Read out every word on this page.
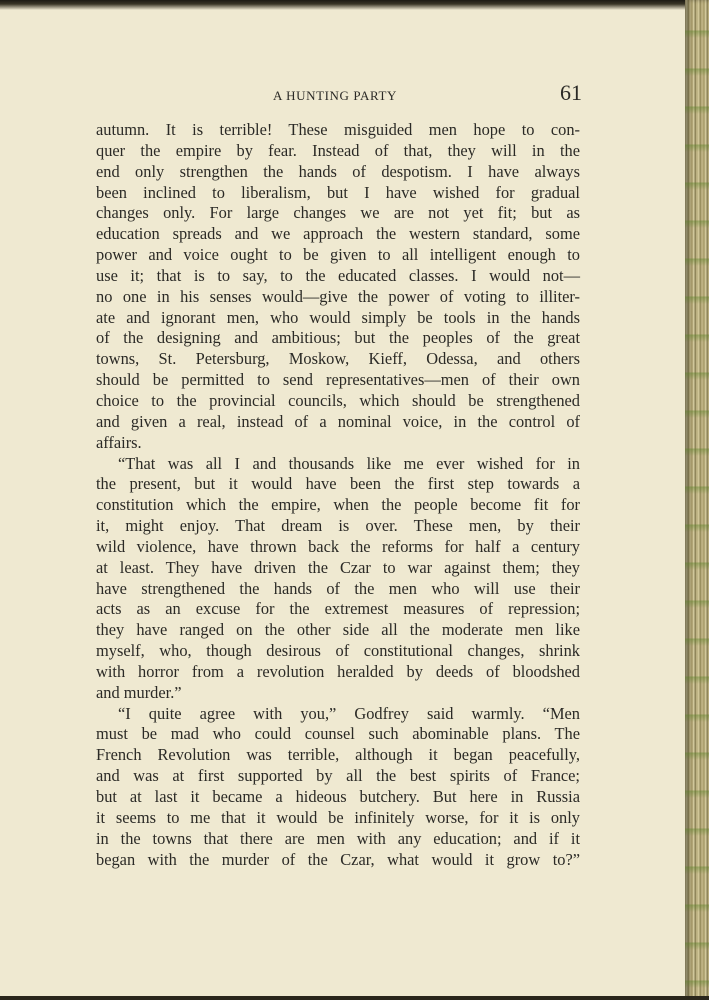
A HUNTING PARTY	61
autumn. It is terrible! These misguided men hope to con-
quer the empire by fear. Instead of that, they will in the
end only strengthen the hands of despotism. I have always
been inclined to liberalism, but I have wished for gradual
changes only. For large changes we are not yet fit; but as
education spreads and we approach the western standard, some
power and voice ought to be given to all intelligent enough to
use it; that is to say, to the educated classes. I would not—
no one in his senses would—give the power of voting to illiter-
ate and ignorant men, who would simply be tools in the hands
of the designing and ambitious; but the peoples of the great
towns, St. Petersburg, Moskow, Kieff, Odessa, and others
should be permitted to send representatives—men of their own
choice to the provincial councils, which should be strengthened
and given a real, instead of a nominal voice, in the control of
affairs.
“That was all I and thousands like me ever wished for in
the present, but it would have been the first step towards a
constitution which the empire, when the people become fit for
it, might enjoy. That dream is over. These men, by their
wild violence, have thrown back the reforms for half a century
at least. They have driven the Czar to war against them; they
have strengthened the hands of the men who will use their
acts as an excuse for the extremest measures of repression;
they have ranged on the other side all the moderate men like
myself, who, though desirous of constitutional changes, shrink
with horror from a revolution heralded by deeds of bloodshed
and murder.”
“I quite agree with you,” Godfrey said warmly. “Men
must be mad who could counsel such abominable plans. The
French Revolution was terrible, although it began peacefully,
and was at first supported by all the best spirits of France;
but at last it became a hideous butchery. But here in Russia
it seems to me that it would be infinitely worse, for it is only
in the towns that there are men with any education; and if it
began with the murder of the Czar, what would it grow to?”
